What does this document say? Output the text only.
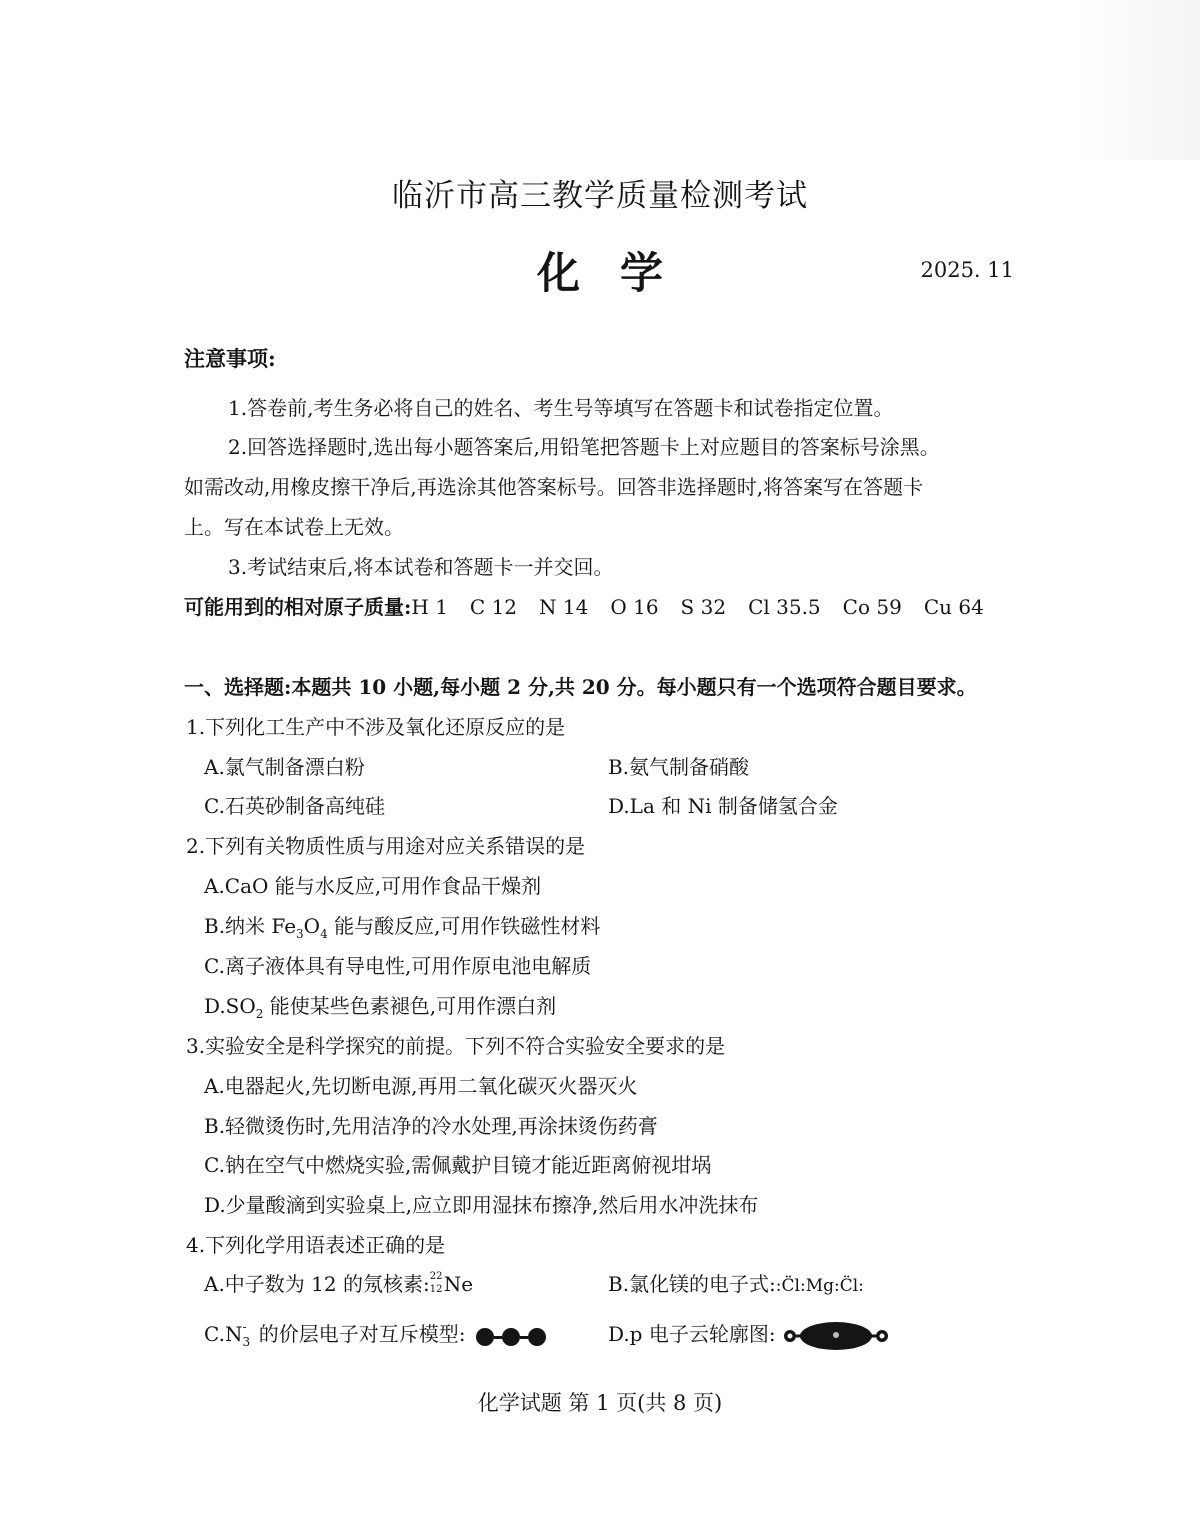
临沂市高三教学质量检测考试
化学	2025. 11
注意事项:
1.答卷前,考生务必将自己的姓名、考生号等填写在答题卡和试卷指定位置。
2.回答选择题时,选出每小题答案后,用铅笔把答题卡上对应题目的答案标号涂黑。
如需改动,用橡皮擦干净后,再选涂其他答案标号。回答非选择题时,将答案写在答题卡
上。写在本试卷上无效。
3.考试结束后,将本试卷和答题卡一并交回。
可能用到的相对原子质量:H 1 C 12 N 14 O 16 S 32 Cl 35.5 Co 59 Cu 64
一、选择题:本题共 10 小题,每小题 2 分,共 20 分。每小题只有一个选项符合题目要求。
1.下列化工生产中不涉及氧化还原反应的是
A.氯气制备漂白粉	B.氨气制备硝酸
C.石英砂制备高纯硅	D.La 和 Ni 制备储氢合金
2.下列有关物质性质与用途对应关系错误的是
A.CaO 能与水反应,可用作食品干燥剂
B.纳米 $Fe_3O_4$ 能与酸反应,可用作铁磁性材料
C.离子液体具有导电性,可用作原电池电解质
$D.SO_2$ 能使某些色素褪色,可用作漂白剂
3.实验安全是科学探究的前提。下列不符合实验安全要求的是
A.电器起火,先切断电源,再用二氧化碳灭火器灭火
B.轻微烫伤时,先用洁净的冷水处理,再涂抹烫伤药膏
C.钠在空气中燃烧实验,需佩戴护目镜才能近距离俯视坩埚
D.少量酸滴到实验桌上,应立即用湿抹布擦净,然后用水冲洗抹布
4.下列化学用语表述正确的是
A.中子数为 12 的氖核素: 22
12 Ne	B.氯化镁的电子式::C̈l:Mg:C̈l:
C.N -
3 的价层电子对互斥模型:	D.p 电子云轮廓图:
化学试题 第 1 页(共 8 页)
